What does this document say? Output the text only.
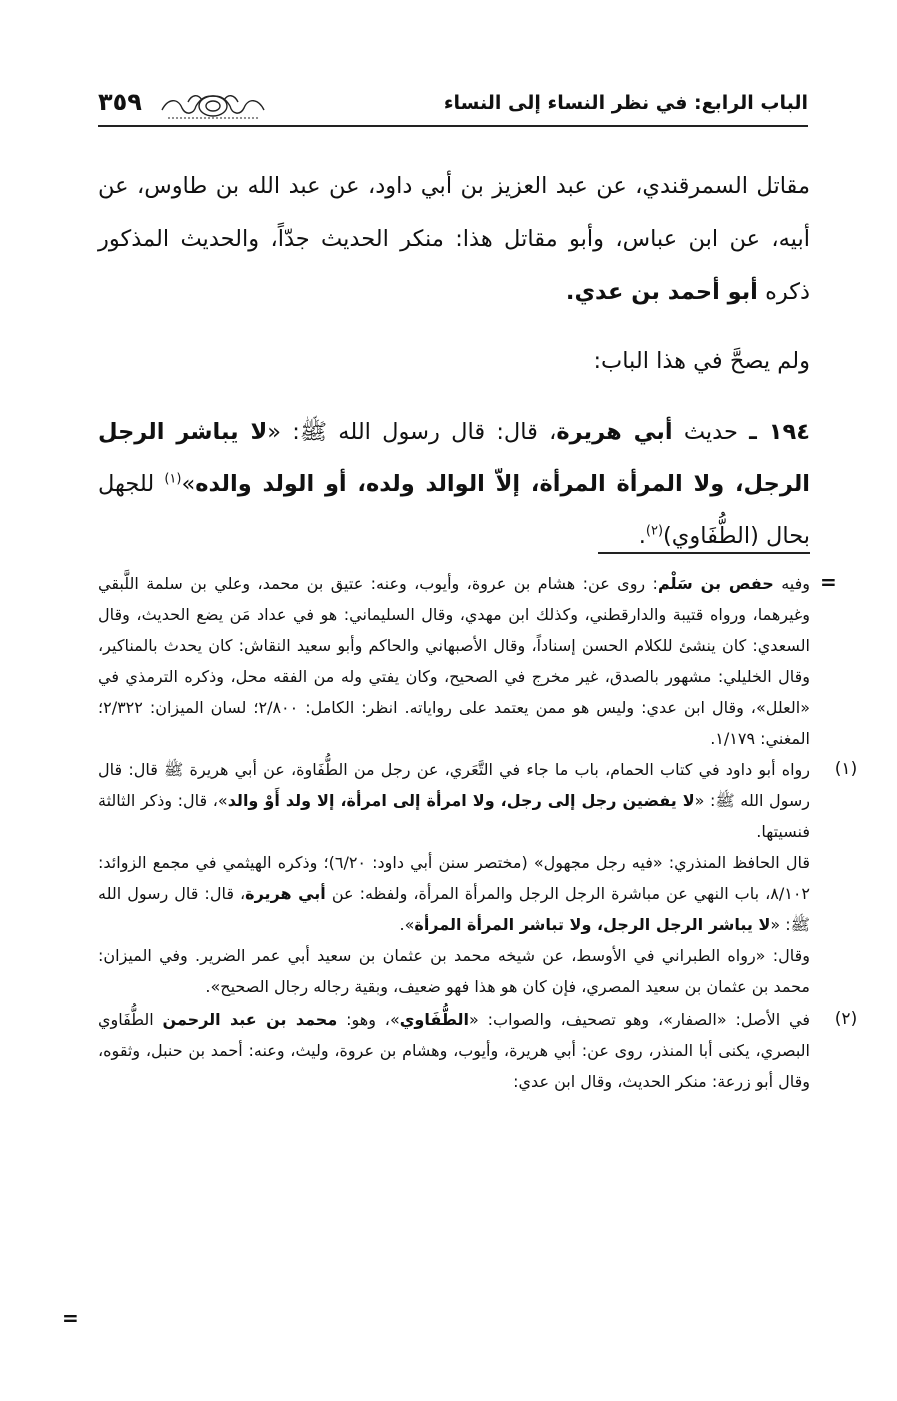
الباب الرابع: في نظر النساء إلى النساء
٣٥٩

مقاتل السمرقندي، عن عبد العزيز بن أبي داود، عن عبد الله بن طاوس، عن أبيه، عن ابن عباس، وأبو مقاتل هذا: منكر الحديث جدّاً، والحديث المذكور ذكره أبو أحمد بن عدي.

ولم يصحَّ في هذا الباب:

١٩٤ ـ حديث أبي هريرة، قال: قال رسول الله ﷺ: «لا يباشر الرجل الرجل، ولا المرأة المرأة، إلاّ الوالد ولده، أو الولد والده»$^{(١)}$ للجهل بحال (الطُّفَاوي)$^{(٢)}$.

=
=

وفيه حفص بن سَلْم: روى عن: هشام بن عروة، وأيوب، وعنه: عتيق بن محمد، وعلي بن سلمة اللَّبقي وغيرهما، ورواه قتيبة والدارقطني، وكذلك ابن مهدي، وقال السليماني: هو في عداد مَن يضع الحديث، وقال السعدي: كان ينشئ للكلام الحسن إسناداً، وقال الأصبهاني والحاكم وأبو سعيد النقاش: كان يحدث بالمناكير، وقال الخليلي: مشهور بالصدق، غير مخرج في الصحيح، وكان يفتي وله من الفقه محل، وذكره الترمذي في «العلل»، وقال ابن عدي: وليس هو ممن يعتمد على رواياته. انظر: الكامل: ٢/٨٠٠؛ لسان الميزان: ٢/٣٢٢؛ المغني: ١/١٧٩.

(١)

رواه أبو داود في كتاب الحمام، باب ما جاء في التَّعَري، عن رجل من الطُّفَاوة، عن أبي هريرة ﷺ قال: قال رسول الله ﷺ: «لا يفضين رجل إلى رجل، ولا امرأة إلى امرأة، إلا ولد أَوْ والد»، قال: وذكر الثالثة فنسيتها.

قال الحافظ المنذري: «فيه رجل مجهول» (مختصر سنن أبي داود: ٦/٢٠)؛ وذكره الهيثمي في مجمع الزوائد: ٨/١٠٢، باب النهي عن مباشرة الرجل الرجل والمرأة المرأة، ولفظه: عن أبي هريرة، قال: قال رسول الله ﷺ: «لا يباشر الرجل الرجل، ولا تباشر المرأة المرأة».

وقال: «رواه الطبراني في الأوسط، عن شيخه محمد بن عثمان بن سعيد أبي عمر الضرير. وفي الميزان: محمد بن عثمان بن سعيد المصري، فإن كان هو هذا فهو ضعيف، وبقية رجاله رجال الصحيح».

(٢)

في الأصل: «الصفار»، وهو تصحيف، والصواب: «الطُّفَاوي»، وهو: محمد بن عبد الرحمن الطُّفَاوي البصري، يكنى أبا المنذر، روى عن: أبي هريرة، وأيوب، وهشام بن عروة، وليث، وعنه: أحمد بن حنبل، وثقوه، وقال أبو زرعة: منكر الحديث، وقال ابن عدي:
